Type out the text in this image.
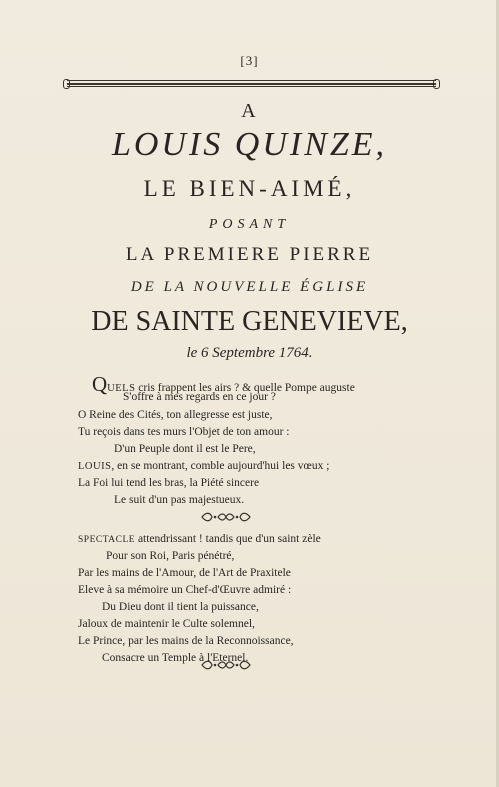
[3]
A
LOUIS QUINZE,
LE BIEN-AIMÉ,
POSANT
LA PREMIERE PIERRE
DE LA NOUVELLE ÉGLISE
DE SAINTE GENEVIEVE,
le 6 Septembre 1764.
QUELS cris frappent les airs ? & quelle Pompe auguste
S'offre à mes regards en ce jour ?
O Reine des Cités, ton allegresse est juste,
Tu reçois dans tes murs l'Objet de ton amour :
D'un Peuple dont il est le Pere,
LOUIS, en se montrant, comble aujourd'hui les vœux ;
La Foi lui tend les bras, la Piété sincere
Le suit d'un pas majestueux.
SPECTACLE attendrissant ! tandis que d'un saint zèle
Pour son Roi, Paris pénétré,
Par les mains de l'Amour, de l'Art de Praxitele
Eleve à sa mémoire un Chef-d'Œuvre admiré :
Du Dieu dont il tient la puissance,
Jaloux de maintenir le Culte solemnel,
Le Prince, par les mains de la Reconnoissance,
Consacre un Temple à l'Eternel.
